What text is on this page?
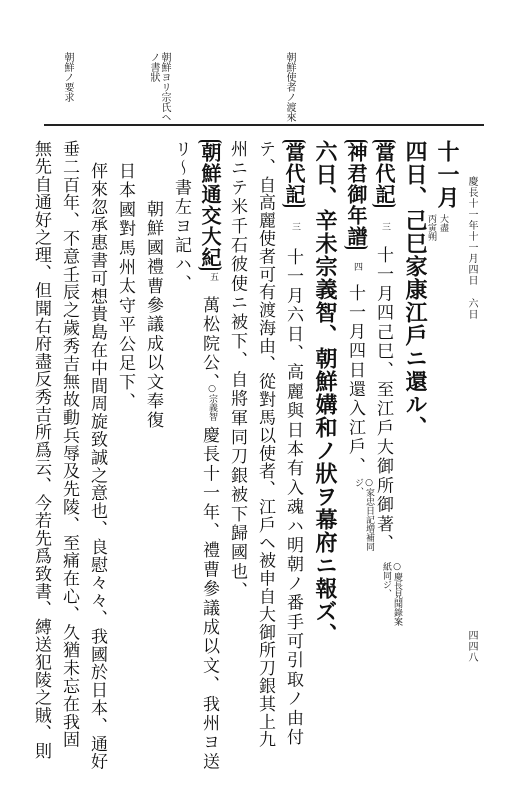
慶長十一年十一月四日 六日
四四八
朝鮮使者ノ渡來
朝鮮ヨリ宗氏ヘノ書狀
朝鮮ノ要求
十一月
大盡
丙寅朔
四日、己巳家康江戶ニ還ル、
當代記
三
十一月四己巳、至江戶大御所御著、
○慶長見聞錄案紙同ジ、
神君御年譜
四
十一月四日還入江戶、
○家忠日記増補同ジ、
六日、辛未宗義智、朝鮮媾和ノ狀ヲ幕府ニ報ズ、
當代記
三
十一月六日、高麗與日本有入魂ハ明朝ノ番手可引取ノ由付
テ、自高麗使者可有渡海由、從對馬以使者、江戶ヘ被申自大御所刀銀其上九
州ニテ米千石彼使ニ被下、自將軍同刀銀被下歸國也、
朝鮮通交大紀
五
萬松院公、
○宗義智
慶長十一年、禮曹參議成以文、我州ヨ送
リ～書左ヨ記ハ、
朝鮮國禮曹參議成以文奉復
日本國對馬州太守平公足下、
伻來忽承惠書可想貴島在中間周旋致誠之意也、良慰々々、我國於日本、通好
垂二百年、不意壬辰之歲秀吉無故動兵辱及先陵、至痛在心、久猶未忘在我固
無先自通好之理、但聞右府盡反秀吉所爲云、今若先爲致書、縛送犯陵之賊、則
